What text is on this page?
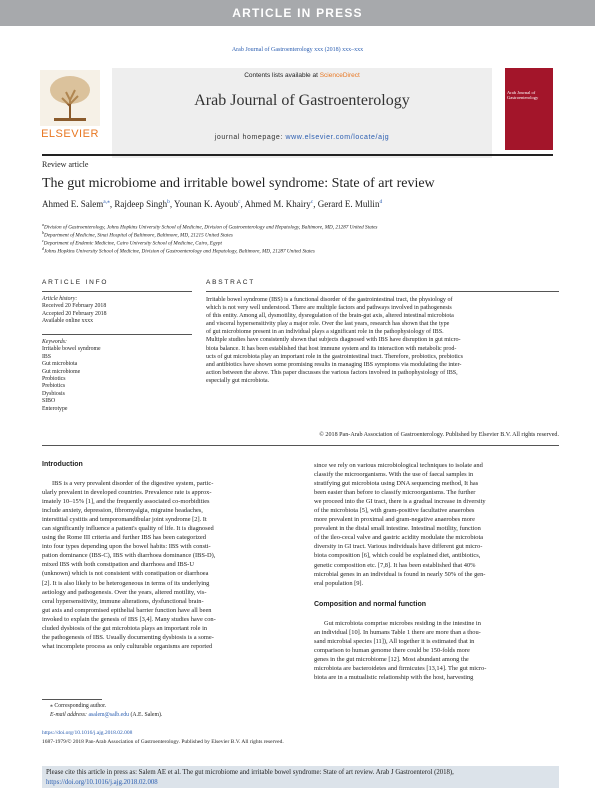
ARTICLE IN PRESS
Arab Journal of Gastroenterology xxx (2018) xxx–xxx
Contents lists available at ScienceDirect
Arab Journal of Gastroenterology
journal homepage: www.elsevier.com/locate/ajg
ELSEVIER
Arab Journal of Gastroenterology
Review article
The gut microbiome and irritable bowel syndrome: State of art review
Ahmed E. Salem$^{a,⁎}$, Rajdeep Singh$^b$, Younan K. Ayoub$^c$, Ahmed M. Khairy$^c$, Gerard E. Mullin$^d$
$^a$Division of Gastroenterology, Johns Hopkins University School of Medicine, Division of Gastroenterology and Hepatology, Baltimore, MD, 21287 United States
$^b$Department of Medicine, Sinai Hospital of Baltimore, Baltimore, MD, 21215 United States
$^c$Department of Endemic Medicine, Cairo University School of Medicine, Cairo, Egypt
$^d$Johns Hopkins University School of Medicine, Division of Gastroenterology and Hepatology, Baltimore, MD, 21287 United States
ARTICLE INFO	ABSTRACT
Article history:
Received 20 February 2018
Accepted 20 February 2018
Available online xxxx
Keywords:
Irritable bowel syndrome
IBS
Gut microbiota
Gut microbiome
Probiotics
Prebiotics
Dysbiosis
SIBO
Enterotype
Irritable bowel syndrome (IBS) is a functional disorder of the gastrointestinal tract, the physiology of
which is not very well understood. There are multiple factors and pathways involved in pathogenesis
of this entity. Among all, dysmotility, dysregulation of the brain-gut axis, altered intestinal microbiota
and visceral hypersensitivity play a major role. Over the last years, research has shown that the type
of gut microbiome present in an individual plays a significant role in the pathophysiology of IBS.
Multiple studies have consistently shown that subjects diagnosed with IBS have disruption in gut micro-
biota balance. It has been established that host immune system and its interaction with metabolic prod-
ucts of gut microbiota play an important role in the gastrointestinal tract. Therefore, probiotics, prebiotics
and antibiotics have shown some promising results in managing IBS symptoms via modulating the inter-
action between the above. This paper discusses the various factors involved in pathophysiology of IBS,
especially gut microbiota.
© 2018 Pan-Arab Association of Gastroenterology. Published by Elsevier B.V. All rights reserved.
Introduction
IBS is a very prevalent disorder of the digestive system, partic-
ularly prevalent in developed countries. Prevalence rate is approx-
imately 10–15% [1], and the frequently associated co-morbidities
include anxiety, depression, fibromyalgia, migraine headaches,
interstitial cystitis and temporomandibular joint syndrome [2]. It
can significantly influence a patient's quality of life. It is diagnosed
using the Rome III criteria and further IBS has been categorized
into four types depending upon the bowel habits: IBS with consti-
pation dominance (IBS-C), IBS with diarrhoea dominance (IBS-D),
mixed IBS with both constipation and diarrhoea and IBS-U
(unknown) which is not consistent with constipation or diarrhoea
[2]. It is also likely to be heterogeneous in terms of its underlying
aetiology and pathogenesis. Over the years, altered motility, vis-
ceral hypersensitivity, immune alterations, dysfunctional brain-
gut axis and compromised epithelial barrier function have all been
invoked to explain the genesis of IBS [3,4]. Many studies have con-
cluded dysbiosis of the gut microbiota plays an important role in
the pathogenesis of IBS. Usually documenting dysbiosis is a some-
what incomplete process as only culturable organisms are reported
since we rely on various microbiological techniques to isolate and
classify the microorganisms. With the use of faecal samples in
stratifying gut microbiota using DNA sequencing method, It has
been easier than before to classify microorganisms. The further
we proceed into the GI tract, there is a gradual increase in diversity
of the microbiota [5], with gram-positive facultative anaerobes
more prevalent in proximal and gram-negative anaerobes more
prevalent in the distal small intestine. Intestinal motility, function
of the ileo-cecal valve and gastric acidity modulate the microbiota
diversity in GI tract. Various individuals have different gut micro-
biota composition [6], which could be explained diet, antibiotics,
genetic composition etc. [7,8]. It has been established that 40%
microbial genes in an individual is found in nearly 50% of the gen-
eral population [9].
Composition and normal function
Gut microbiota comprise microbes residing in the intestine in
an individual [10]. In humans Table 1 there are more than a thou-
sand microbial species [11]), All together it is estimated that in
comparison to human genome there could be 150-folds more
genes in the gut microbiome [12]. Most abundant among the
microbiota are bacteroidetes and firmicutes [13,14]. The gut micro-
biota are in a mutualistic relationship with the host, harvesting
⁎ Corresponding author.
E-mail address: asalem@salb.edu (A.E. Salem).
https://doi.org/10.1016/j.ajg.2018.02.008
1687-1979/© 2018 Pan-Arab Association of Gastroenterology. Published by Elsevier B.V. All rights reserved.
Please cite this article in press as: Salem AE et al. The gut microbiome and irritable bowel syndrome: State of art review. Arab J Gastroenterol (2018), https://doi.org/10.1016/j.ajg.2018.02.008
